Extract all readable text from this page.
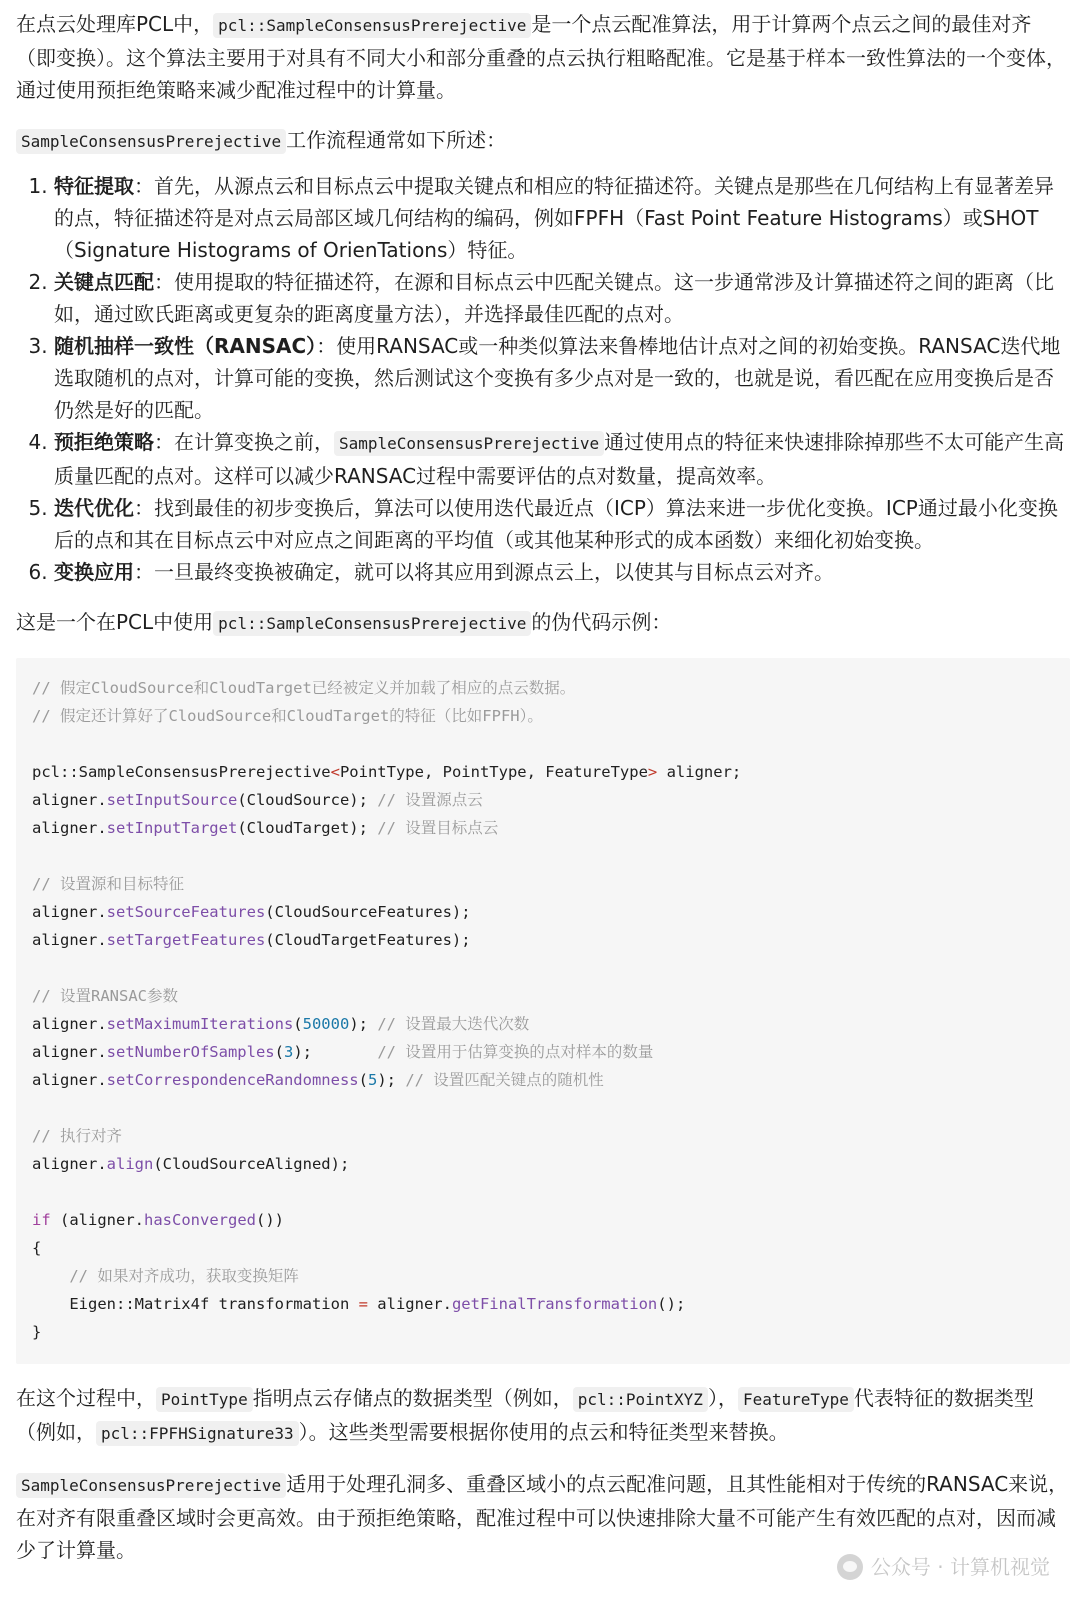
在点云处理库PCL中， pcl::SampleConsensusPrerejective 是一个点云配准算法，用于计算两个点云之间的最佳对齐（即变换）。这个算法主要用于对具有不同大小和部分重叠的点云执行粗略配准。它是基于样本一致性算法的一个变体，通过使用预拒绝策略来减少配准过程中的计算量。

SampleConsensusPrerejective 工作流程通常如下所述：

1. 特征提取：首先，从源点云和目标点云中提取关键点和相应的特征描述符。关键点是那些在几何结构上有显著差异的点，特征描述符是对点云局部区域几何结构的编码，例如FPFH（Fast Point Feature Histograms）或SHOT（Signature Histograms of OrienTations）特征。
2. 关键点匹配：使用提取的特征描述符，在源和目标点云中匹配关键点。这一步通常涉及计算描述符之间的距离（比如，通过欧氏距离或更复杂的距离度量方法），并选择最佳匹配的点对。
3. 随机抽样一致性（RANSAC）：使用RANSAC或一种类似算法来鲁棒地估计点对之间的初始变换。RANSAC迭代地选取随机的点对，计算可能的变换，然后测试这个变换有多少点对是一致的，也就是说，看匹配在应用变换后是否仍然是好的匹配。
4. 预拒绝策略：在计算变换之前， SampleConsensusPrerejective 通过使用点的特征来快速排除掉那些不太可能产生高质量匹配的点对。这样可以减少RANSAC过程中需要评估的点对数量，提高效率。
5. 迭代优化：找到最佳的初步变换后，算法可以使用迭代最近点（ICP）算法来进一步优化变换。ICP通过最小化变换后的点和其在目标点云中对应点之间距离的平均值（或其他某种形式的成本函数）来细化初始变换。
6. 变换应用：一旦最终变换被确定，就可以将其应用到源点云上，以使其与目标点云对齐。

这是一个在PCL中使用 pcl::SampleConsensusPrerejective 的伪代码示例：

// 假定CloudSource和CloudTarget已经被定义并加载了相应的点云数据。
// 假定还计算好了CloudSource和CloudTarget的特征（比如FPFH）。

pcl::SampleConsensusPrerejective<PointType, PointType, FeatureType> aligner;
aligner.setInputSource(CloudSource); // 设置源点云
aligner.setInputTarget(CloudTarget); // 设置目标点云

// 设置源和目标特征
aligner.setSourceFeatures(CloudSourceFeatures);
aligner.setTargetFeatures(CloudTargetFeatures);

// 设置RANSAC参数
aligner.setMaximumIterations(50000); // 设置最大迭代次数
aligner.setNumberOfSamples(3);       // 设置用于估算变换的点对样本的数量
aligner.setCorrespondenceRandomness(5); // 设置匹配关键点的随机性

// 执行对齐
aligner.align(CloudSourceAligned);

if (aligner.hasConverged())
{
// 如果对齐成功，获取变换矩阵
Eigen::Matrix4f transformation = aligner.getFinalTransformation();
}

在这个过程中， PointType 指明点云存储点的数据类型（例如， pcl::PointXYZ ）， FeatureType 代表特征的数据类型（例如， pcl::FPFHSignature33 ）。这些类型需要根据你使用的点云和特征类型来替换。

SampleConsensusPrerejective 适用于处理孔洞多、重叠区域小的点云配准问题，且其性能相对于传统的RANSAC来说，在对齐有限重叠区域时会更高效。由于预拒绝策略，配准过程中可以快速排除大量不可能产生有效匹配的点对，因而减少了计算量。

公众号 · 计算机视觉
